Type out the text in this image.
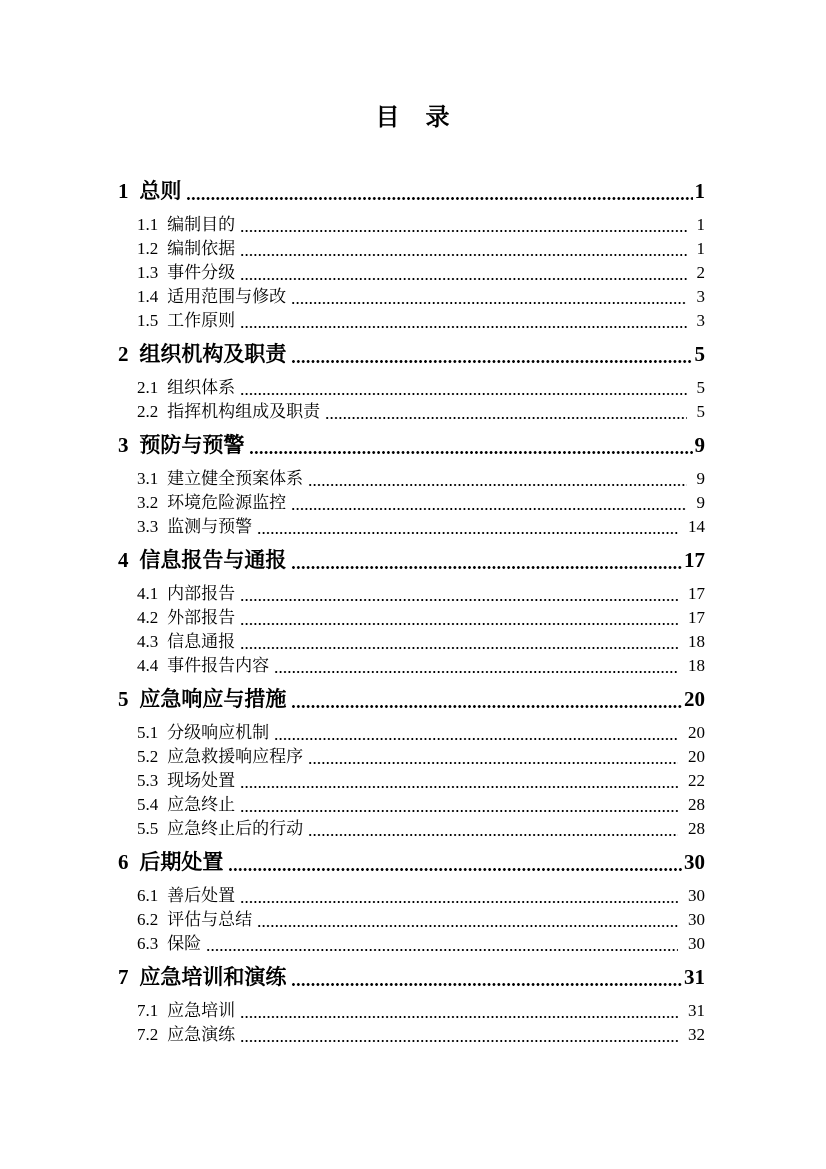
目　录
1 总则	1
1.1 编制目的	1
1.2 编制依据	1
1.3 事件分级	2
1.4 适用范围与修改	3
1.5 工作原则	3
2 组织机构及职责	5
2.1 组织体系	5
2.2 指挥机构组成及职责	5
3 预防与预警	9
3.1 建立健全预案体系	9
3.2 环境危险源监控	9
3.3 监测与预警	14
4 信息报告与通报	17
4.1 内部报告	17
4.2 外部报告	17
4.3 信息通报	18
4.4 事件报告内容	18
5 应急响应与措施	20
5.1 分级响应机制	20
5.2 应急救援响应程序	20
5.3 现场处置	22
5.4 应急终止	28
5.5 应急终止后的行动	28
6 后期处置	30
6.1 善后处置	30
6.2 评估与总结	30
6.3 保险	30
7 应急培训和演练	31
7.1 应急培训	31
7.2 应急演练	32
